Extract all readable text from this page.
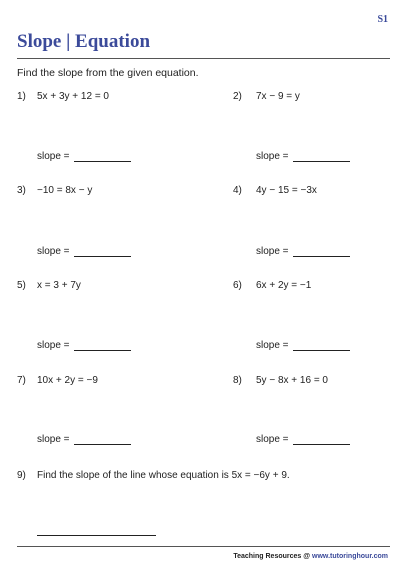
S1
Slope | Equation
Find the slope from the given equation.
1) 5x + 3y + 12 = 0
slope =
2) 7x − 9 = y
slope =
3) −10 = 8x − y
slope =
4) 4y − 15 = −3x
slope =
5) x = 3 + 7y
slope =
6) 6x + 2y = −1
slope =
7) 10x + 2y = −9
slope =
8) 5y − 8x + 16 = 0
slope =
9) Find the slope of the line whose equation is 5x = −6y + 9.
Teaching Resources @ www.tutoringhour.com
